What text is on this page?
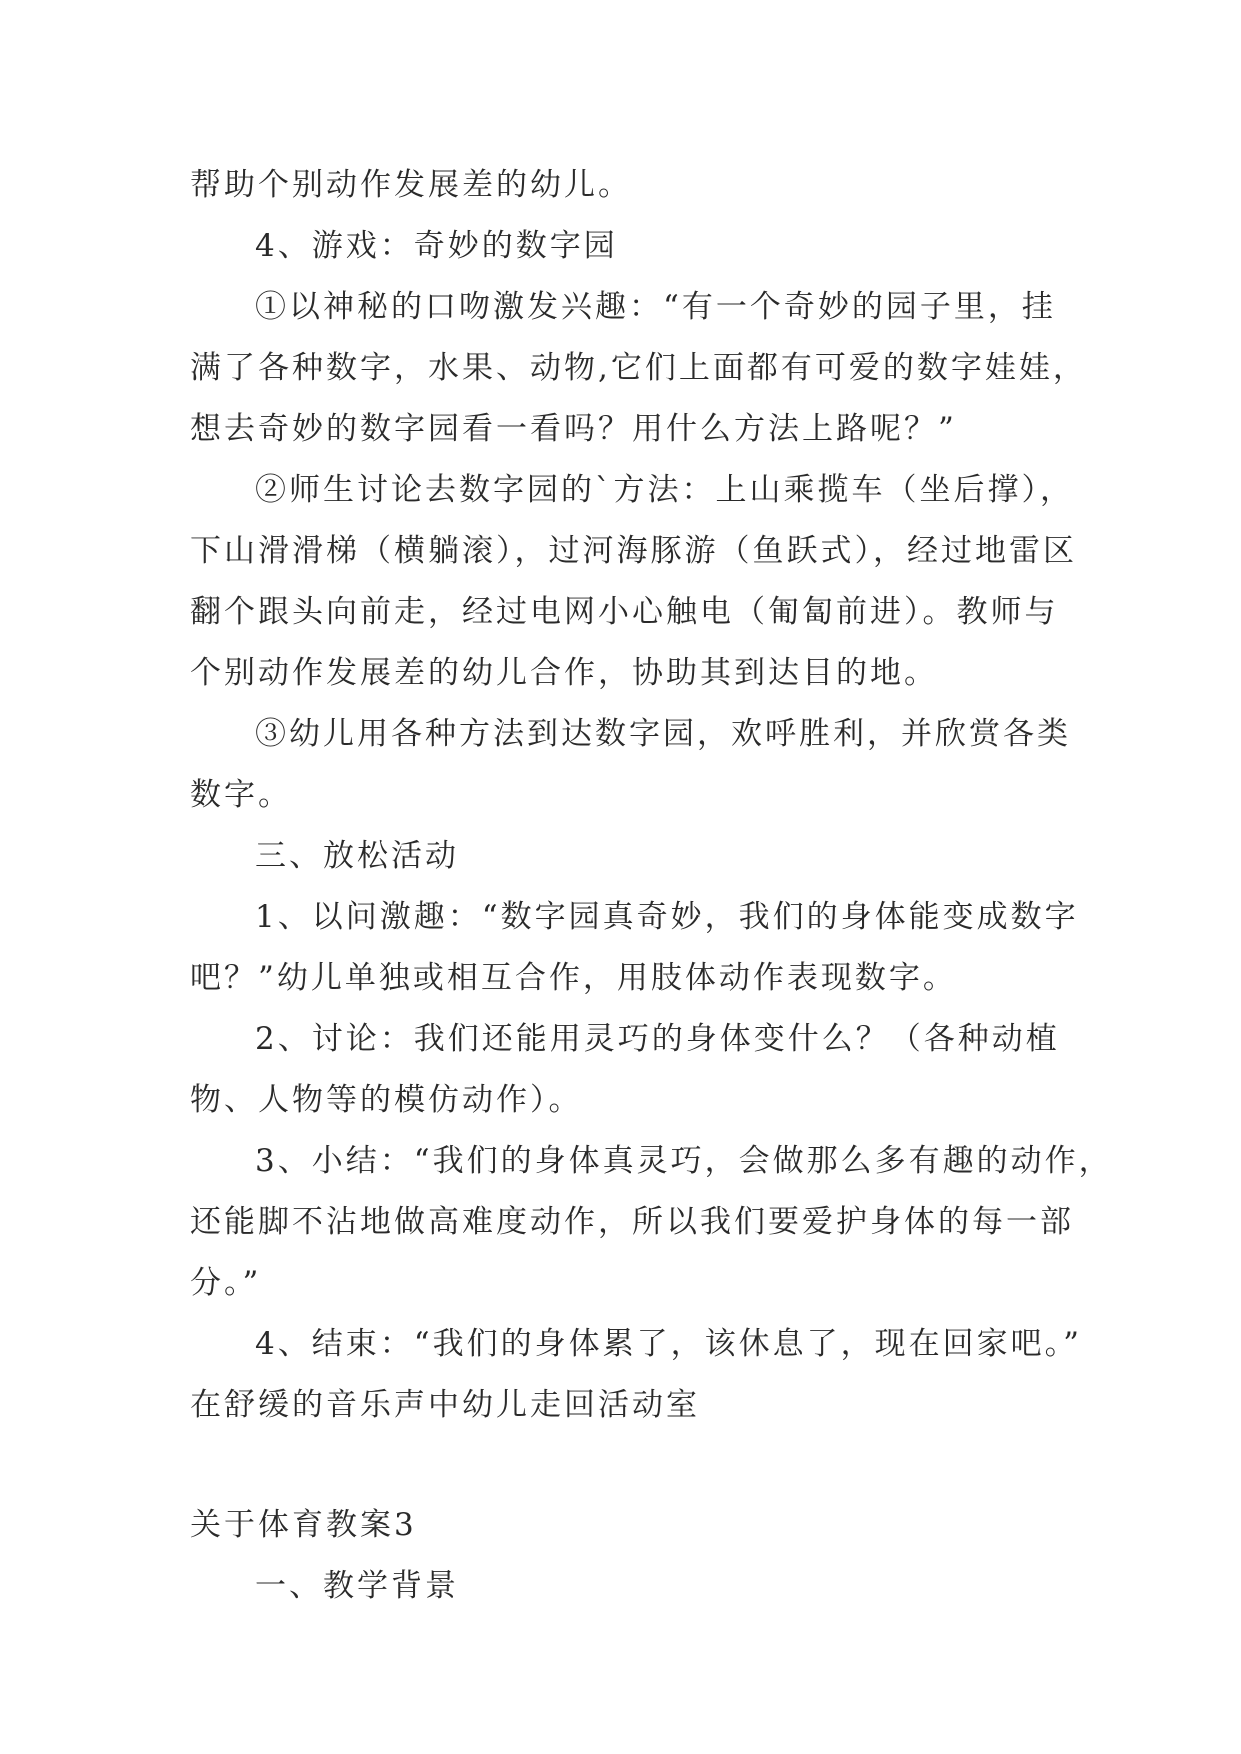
帮助个别动作发展差的幼儿。
4、游戏：奇妙的数字园
①以神秘的口吻激发兴趣：“有一个奇妙的园子里，挂
满了各种数字，水果、动物,它们上面都有可爱的数字娃娃，
想去奇妙的数字园看一看吗？用什么方法上路呢？”
②师生讨论去数字园的`方法：上山乘揽车（坐后撑），
下山滑滑梯（横躺滚），过河海豚游（鱼跃式），经过地雷区
翻个跟头向前走，经过电网小心触电（匍匐前进）。教师与
个别动作发展差的幼儿合作，协助其到达目的地。
③幼儿用各种方法到达数字园，欢呼胜利，并欣赏各类
数字。
三、放松活动
1、以问激趣：“数字园真奇妙，我们的身体能变成数字
吧？”幼儿单独或相互合作，用肢体动作表现数字。
2、讨论：我们还能用灵巧的身体变什么？（各种动植
物、人物等的模仿动作）。
3、小结：“我们的身体真灵巧，会做那么多有趣的动作，
还能脚不沾地做高难度动作，所以我们要爱护身体的每一部
分。”
4、结束：“我们的身体累了，该休息了，现在回家吧。”
在舒缓的音乐声中幼儿走回活动室
关于体育教案3
一、教学背景
